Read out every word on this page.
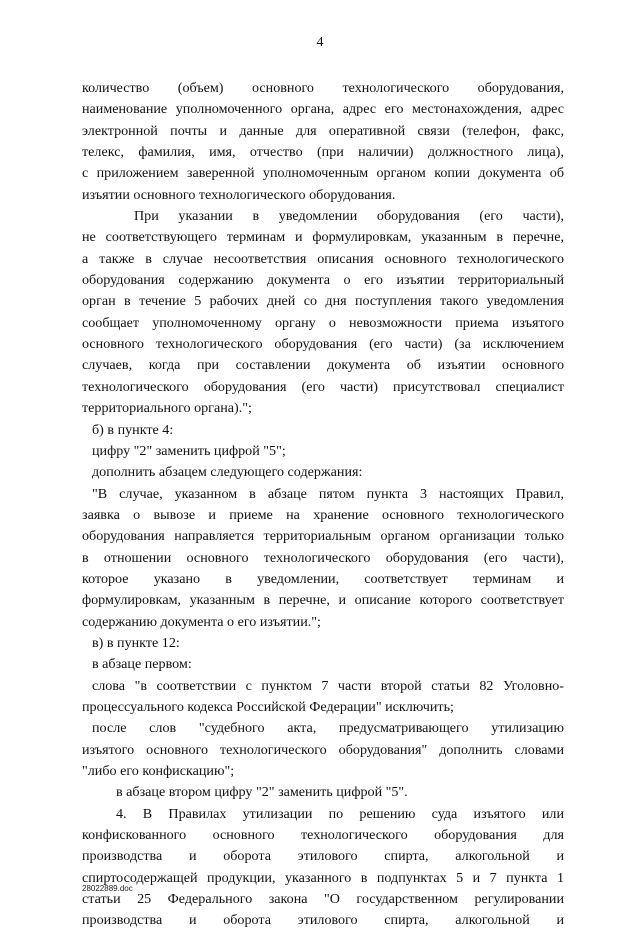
4
количество (объем) основного технологического оборудования,
наименование уполномоченного органа, адрес его местонахождения, адрес
электронной почты и данные для оперативной связи (телефон, факс,
телекс, фамилия, имя, отчество (при наличии) должностного лица),
с приложением заверенной уполномоченным органом копии документа об
изъятии основного технологического оборудования.
При указании в уведомлении оборудования (его части),
не соответствующего терминам и формулировкам, указанным в перечне,
а также в случае несоответствия описания основного технологического
оборудования содержанию документа о его изъятии территориальный
орган в течение 5 рабочих дней со дня поступления такого уведомления
сообщает уполномоченному органу о невозможности приема изъятого
основного технологического оборудования (его части) (за исключением
случаев, когда при составлении документа об изъятии основного
технологического оборудования (его части) присутствовал специалист
территориального органа).";
б) в пункте 4:
цифру "2" заменить цифрой "5";
дополнить абзацем следующего содержания:
"В случае, указанном в абзаце пятом пункта 3 настоящих Правил,
заявка о вывозе и приеме на хранение основного технологического
оборудования направляется территориальным органом организации только
в отношении основного технологического оборудования (его части),
которое указано в уведомлении, соответствует терминам и
формулировкам, указанным в перечне, и описание которого соответствует
содержанию документа о его изъятии.";
в) в пункте 12:
в абзаце первом:
слова "в соответствии с пунктом 7 части второй статьи 82 Уголовно-
процессуального кодекса Российской Федерации" исключить;
после слов "судебного акта, предусматривающего утилизацию
изъятого основного технологического оборудования" дополнить словами
"либо его конфискацию";
в абзаце втором цифру "2" заменить цифрой "5".
4. В Правилах утилизации по решению суда изъятого или
конфискованного основного технологического оборудования для
производства и оборота этилового спирта, алкогольной и
спиртосодержащей продукции, указанного в подпунктах 5 и 7 пункта 1
статьи 25 Федерального закона "О государственном регулировании
производства и оборота этилового спирта, алкогольной и
28022889.doc
